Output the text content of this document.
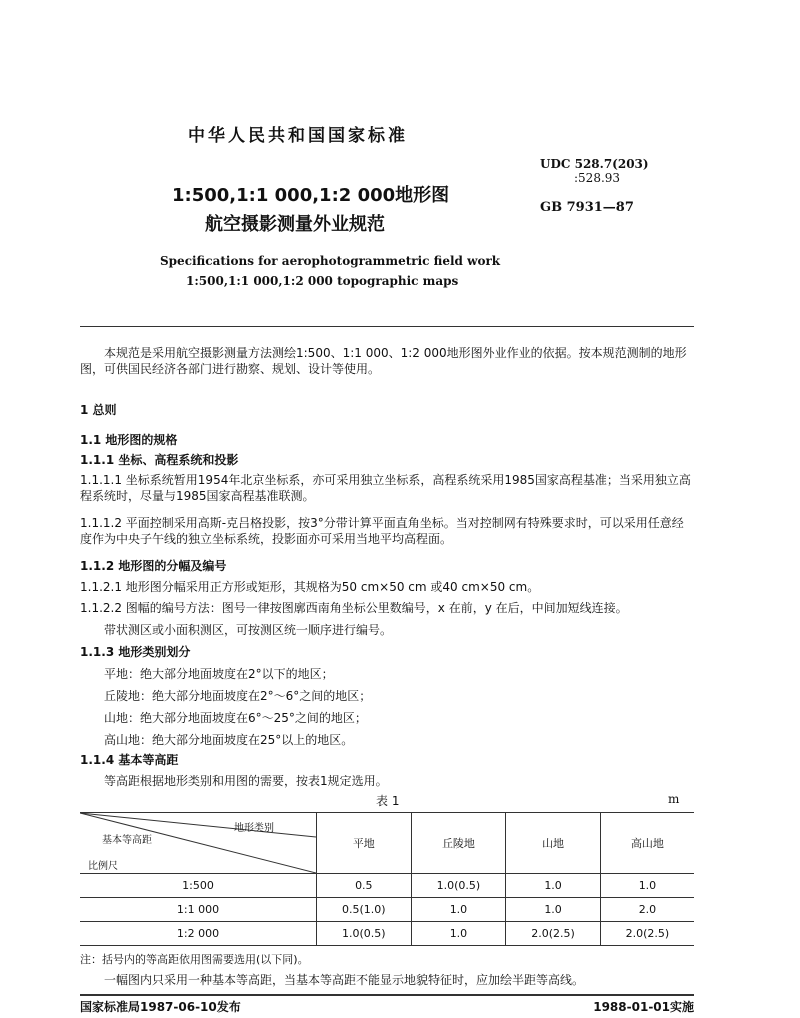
中华人民共和国国家标准
1:500,1:1 000,1:2 000地形图
航空摄影测量外业规范
UDC 528.7(203)
:528.93
GB 7931—87
Specifications for aerophotogrammetric field work
1:500,1:1 000,1:2 000 topographic maps
本规范是采用航空摄影测量方法测绘1:500、1:1 000、1:2 000地形图外业作业的依据。按本规范测制的地形图，可供国民经济各部门进行勘察、规划、设计等使用。
1 总则
1.1 地形图的规格
1.1.1 坐标、高程系统和投影
1.1.1.1 坐标系统暂用1954年北京坐标系，亦可采用独立坐标系，高程系统采用1985国家高程基准；当采用独立高程系统时，尽量与1985国家高程基准联测。
1.1.1.2 平面控制采用高斯-克吕格投影，按3°分带计算平面直角坐标。当对控制网有特殊要求时，可以采用任意经度作为中央子午线的独立坐标系统，投影面亦可采用当地平均高程面。
1.1.2 地形图的分幅及编号
1.1.2.1 地形图分幅采用正方形或矩形，其规格为50 cm×50 cm 或40 cm×50 cm。
1.1.2.2 图幅的编号方法：图号一律按图廓西南角坐标公里数编号，x 在前，y 在后，中间加短线连接。
带状测区或小面积测区，可按测区统一顺序进行编号。
1.1.3 地形类别划分
平地：绝大部分地面坡度在2°以下的地区；
丘陵地：绝大部分地面坡度在2°～6°之间的地区；
山地：绝大部分地面坡度在6°～25°之间的地区；
高山地：绝大部分地面坡度在25°以上的地区。
1.1.4 基本等高距
等高距根据地形类别和用图的需要，按表1规定选用。
表 1	m
地形类别
基本等高距
比例尺	平地	丘陵地	山地	高山地
1:500	0.5	1.0(0.5)	1.0	1.0
1:1 000	0.5(1.0)	1.0	1.0	2.0
1:2 000	1.0(0.5)	1.0	2.0(2.5)	2.0(2.5)
注：括号内的等高距依用图需要选用(以下同)。
一幅图内只采用一种基本等高距，当基本等高距不能显示地貌特征时，应加绘半距等高线。
国家标准局1987-06-10发布	1988-01-01实施
